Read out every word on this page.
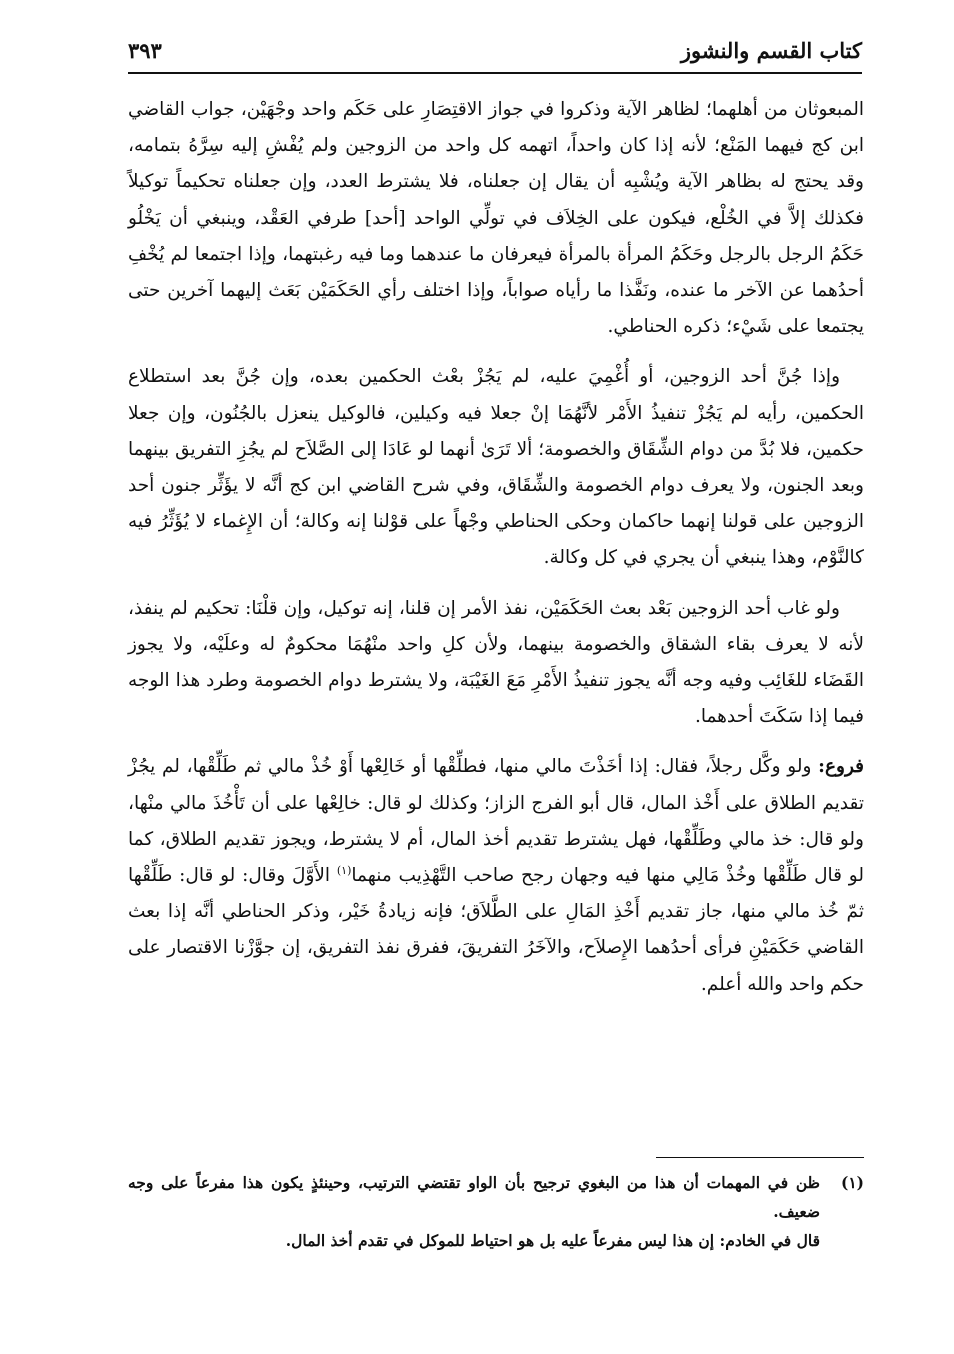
كتاب القسم والنشوز
٣٩٣

المبعوثان من أهلهما؛ لظاهر الآية وذكروا في جواز الاقتِصَارِ على حَكَم واحد وجْهَيْن، جواب القاضي ابن كج فيهما المَنْع؛ لأنه إذا كان واحداً، اتهمه كل واحد من الزوجين ولم يُفْشِ إليه سِرَّهُ بتمامه، وقد يحتج له بظاهر الآية ويُشْبِه أن يقال إن جعلناه، فلا يشترط العدد، وإن جعلناه تحكيماً توكيلاً فكذلك إلاَّ في الخُلْع، فيكون على الخِلاَف في تولِّي الواحد [أحد] طرفي العَقْد، وينبغي أن يَخْلُو حَكَمُ الرجل بالرجل وحَكَمُ المرأة بالمرأة فيعرفان ما عندهما وما فيه رغبتهما، وإذا اجتمعا لم يُخْفِ أحدُهما عن الآخر ما عنده، ونَفَّذا ما رأياه صواباً، وإذا اختلف رأي الحَكَمَيْن بَعَث إليهما آخرين حتى يجتمعا على شَيْء؛ ذكره الحناطي.

وإذا جُنَّ أحد الزوجين، أو أُغْمِيَ عليه، لم يَجُزْ بعْث الحكمين بعده، وإن جُنَّ بعد استطلاع الحكمين، رأيه لم يَجُزْ تنفيذُ الأَمْر لأنَّهُمَا إنْ جعلا فيه وكيلين، فالوكيل ينعزل بالجُنُون، وإن جعلا حكمين، فلا بُدَّ من دوام الشِّقَاق والخصومة؛ ألا تَرَىٰ أنهما لو عَادَا إلى الصَّلاَح لم يجُزِ التفريق بينهما وبعد الجنون، ولا يعرف دوام الخصومة والشِّقَاق، وفي شرح القاضي ابن كج أنَّه لا يؤَثِّر جنون أحد الزوجين على قولنا إنهما حاكمان وحكى الحناطي وجْهاً على قوْلنا إنه وكالة؛ أن الإِغماء لا يُؤَثِّرُ فيه كالنَّوْم، وهذا ينبغي أن يجري في كل وكالة.

ولو غاب أحد الزوجين بَعْد بعث الحَكَمَيْن، نفذ الأمر إن قلنا، إنه توكيل، وإن قلْنَا: تحكيم لم ينفذ، لأنه لا يعرف بقاء الشقاق والخصومة بينهما، ولأن كلِ واحد منْهُمَا محكومٌ له وعلَيْه، ولا يجوز القَضَاء للغَائِب وفيه وجه أنَّه يجوز تنفيذُ الأَمْرِ مَعَ الغَيْبَة، ولا يشترط دوام الخصومة وطرد هذا الوجه فيما إذا سَكَتَ أحدهما.

فروع: ولو وكَّل رجلاً، فقال: إذا أخَذْتَ مالي منها، فطلِّقْها أو خَالِعْها أَوْ خُذْ مالي ثم طَلِّقْها، لم يجُزْ تقديم الطلاق على أَخْذ المال، قال أبو الفرج الزاز؛ وكذلك لو قال: خالِعْها على أن تَأْخُذَ مالي منْها، ولو قال: خذ مالي وطَلِّقْها، فهل يشترط تقديم أخذ المال، أم لا يشترط، ويجوز تقديم الطلاق، كما لو قال طَلِّقْها وخُذْ مَالِي منها فيه وجهان رجح صاحب التَّهْذِيب منهما$^{(١)}$ الأَوَّلَ وقال: لو قال: طَلِّقْها ثمّ خُذ مالي منها، جاز تقديم أَخْذِ المَالِ على الطَّلاَق؛ فإنه زيادةُ خَيْر، وذكر الحناطي أنَّه إذا بعث القاضي حَكَمَيْنِ فرأى أحدُهما الإِصلاَح، والآخَرُ التفريقَ، ففرق نفذ التفريق، إن جوَّزْنا الاقتصار على حكم واحد والله أعلم.

(١)
ظن في المهمات أن هذا من البغوي ترجيح بأن الواو تقتضي الترتيب، وحينئذٍ يكون هذا مفرعاً على وجه ضعيف.
قال في الخادم: إن هذا ليس مفرعاً عليه بل هو احتياط للموكل في تقدم أخذ المال.
